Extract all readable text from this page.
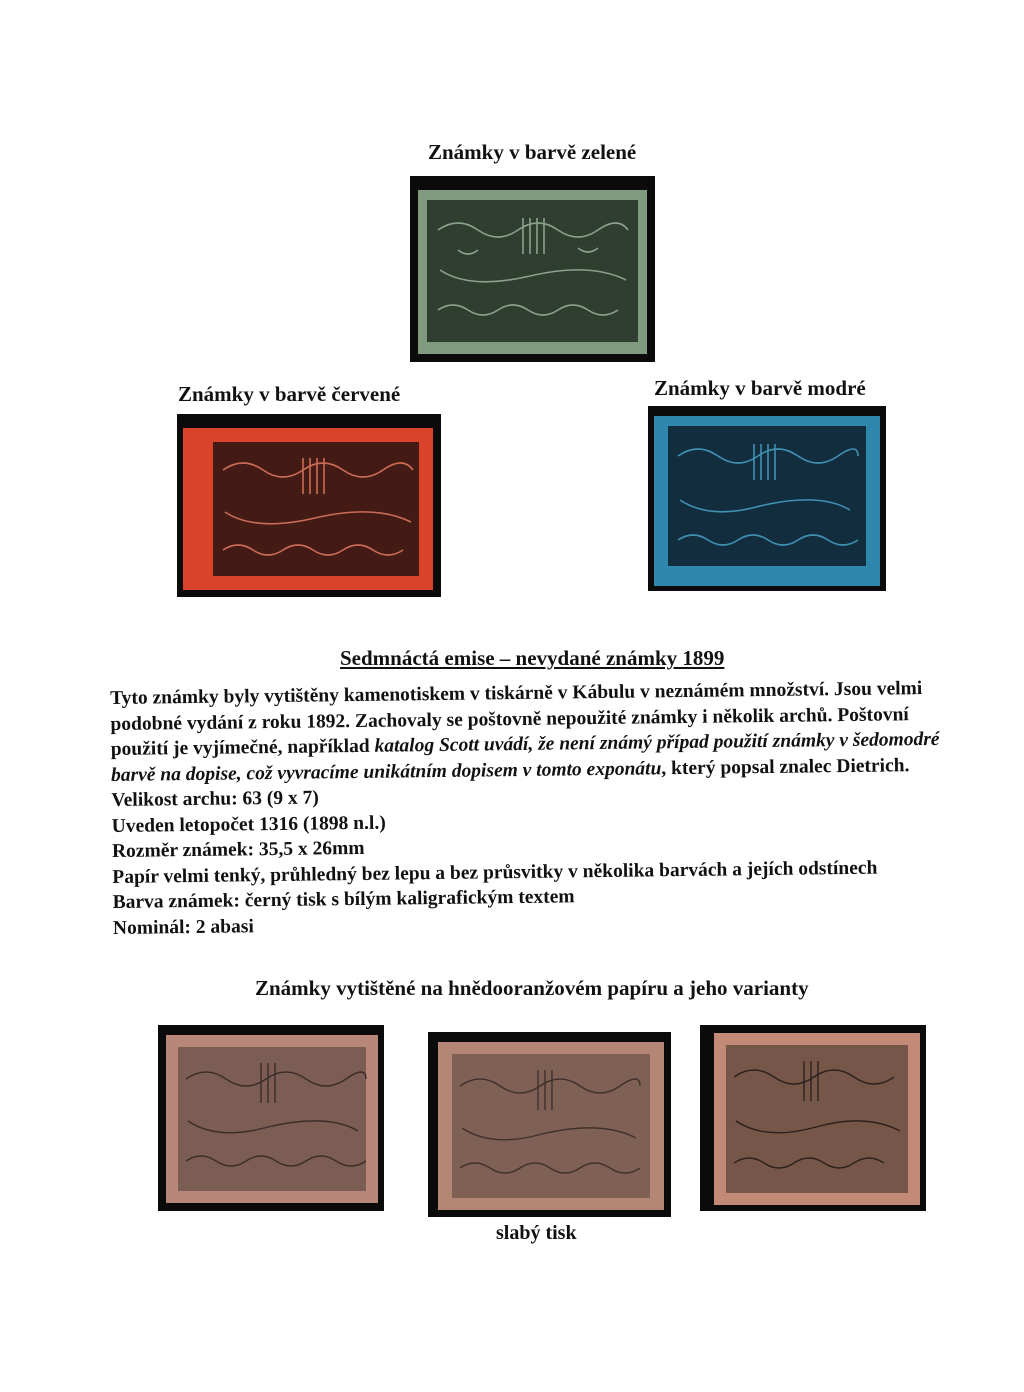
Známky v barvě zelené
Známky v barvě červené	Známky v barvě modré
Sedmnáctá emise – nevydané známky 1899

Tyto známky byly vytištěny kamenotiskem v tiskárně v Kábulu v neznámém množství. Jsou velmi podobné vydání z roku 1892. Zachovaly se poštovně nepoužité známky i několik archů. Poštovní použití je vyjímečné, například katalog Scott uvádí, že není známý případ použití známky v šedomodré barvě na dopise, což vyvracíme unikátním dopisem v tomto exponátu, který popsal znalec Dietrich.

Velikost archu: 63 (9 x 7)

Uveden letopočet 1316 (1898 n.l.)

Rozměr známek: 35,5 x 26mm

Papír velmi tenký, průhledný bez lepu a bez průsvitky v několika barvách a jejích odstínech

Barva známek: černý tisk s bílým kaligrafickým textem

Nominál: 2 abasi

Známky vytištěné na hnědooranžovém papíru a jeho varianty
slabý tisk
